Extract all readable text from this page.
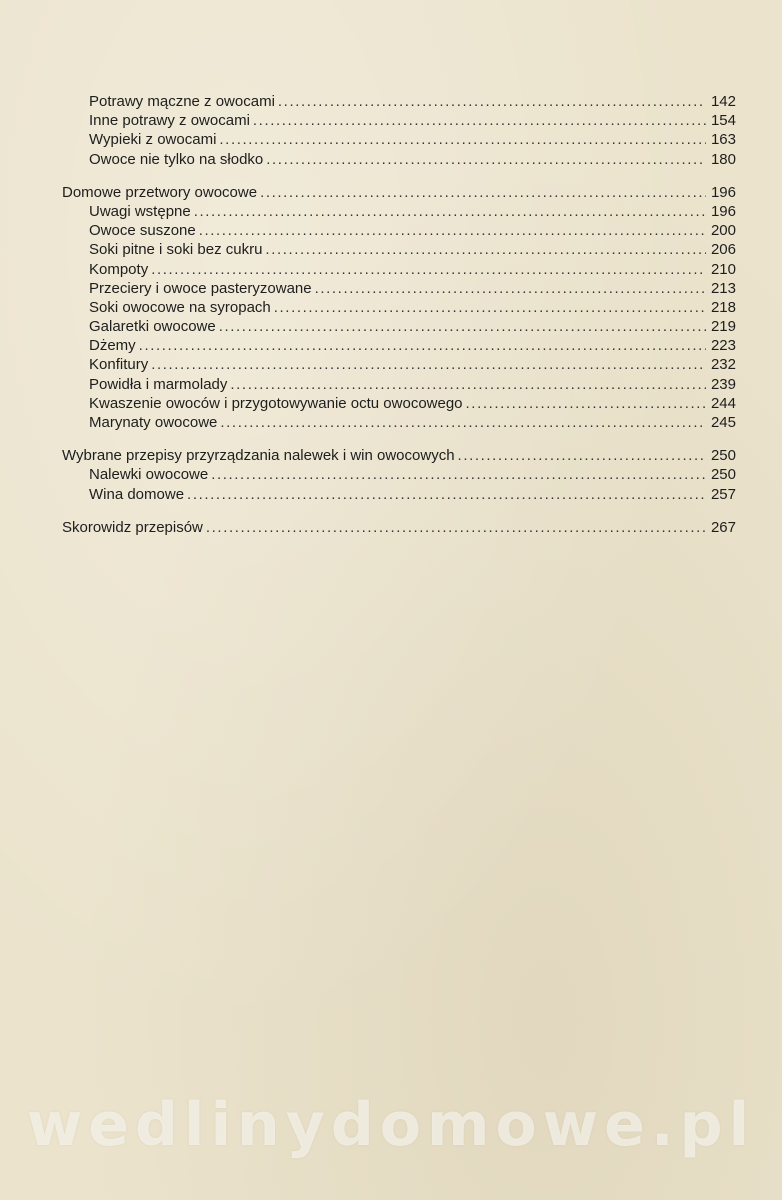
Potrawy mączne z owocami .....	142
Inne potrawy z owocami .....	154
Wypieki z owocami .....	163
Owoce nie tylko na słodko .....	180
Domowe przetwory owocowe .....	196
Uwagi wstępne .....	196
Owoce suszone .....	200
Soki pitne i soki bez cukru .....	206
Kompoty .....	210
Przeciery i owoce pasteryzowane .....	213
Soki owocowe na syropach .....	218
Galaretki owocowe .....	219
Dżemy .....	223
Konfitury .....	232
Powidła i marmolady .....	239
Kwaszenie owoców i przygotowywanie octu owocowego .....	244
Marynaty owocowe .....	245
Wybrane przepisy przyrządzania nalewek i win owocowych .....	250
Nalewki owocowe .....	250
Wina domowe .....	257
Skorowidz przepisów .....	267
wedlinydomowe.pl
